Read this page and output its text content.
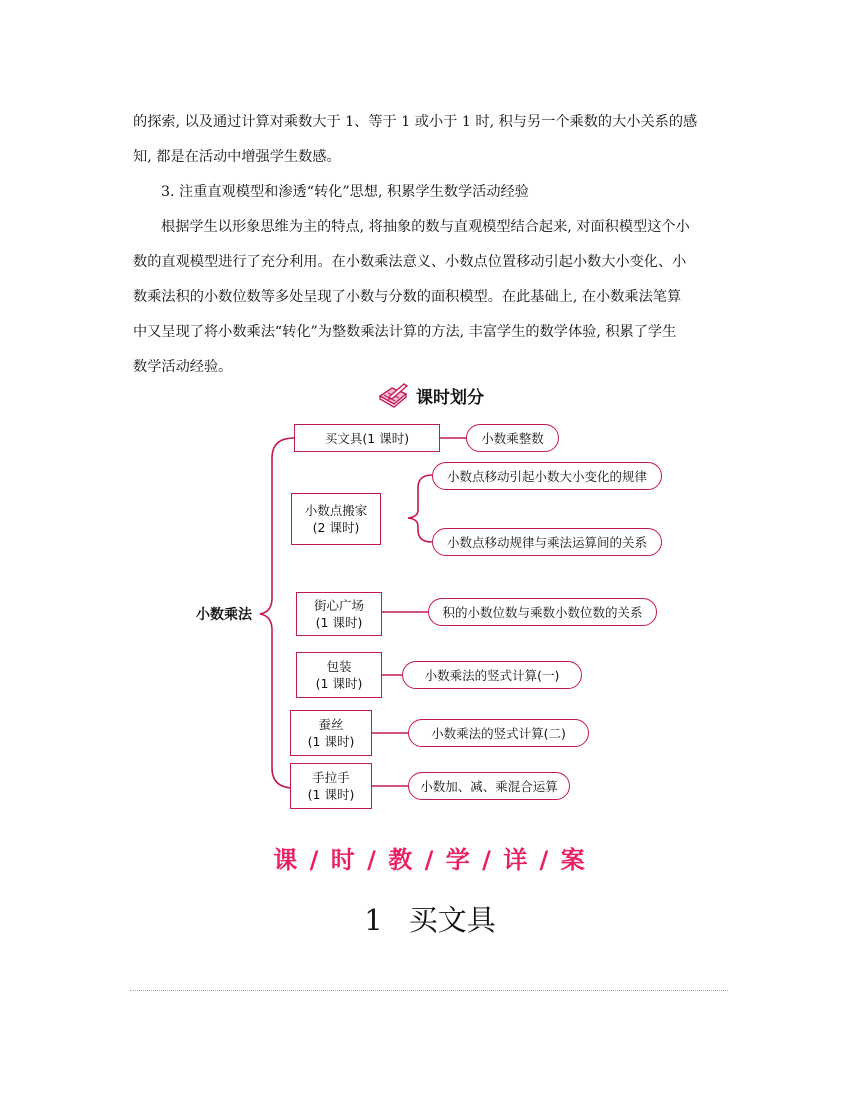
的探索, 以及通过计算对乘数大于 1、等于 1 或小于 1 时, 积与另一个乘数的大小关系的感

知, 都是在活动中增强学生数感。

3. 注重直观模型和渗透“转化”思想, 积累学生数学活动经验

根据学生以形象思维为主的特点, 将抽象的数与直观模型结合起来, 对面积模型这个小

数的直观模型进行了充分利用。在小数乘法意义、小数点位置移动引起小数大小变化、小

数乘法积的小数位数等多处呈现了小数与分数的面积模型。在此基础上, 在小数乘法笔算

中又呈现了将小数乘法“转化”为整数乘法计算的方法, 丰富学生的数学体验, 积累了学生

数学活动经验。

课时划分
小数乘法
买文具(1 课时)
小数点搬家
(2 课时)
街心广场
(1 课时)
包装
(1 课时)
蚕丝
(1 课时)
手拉手
(1 课时)
小数乘整数
小数点移动引起小数大小变化的规律
小数点移动规律与乘法运算间的关系
积的小数位数与乘数小数位数的关系
小数乘法的竖式计算(一)
小数乘法的竖式计算(二)
小数加、减、乘混合运算
课 / 时 / 教 / 学 / 详 / 案
1 买文具
